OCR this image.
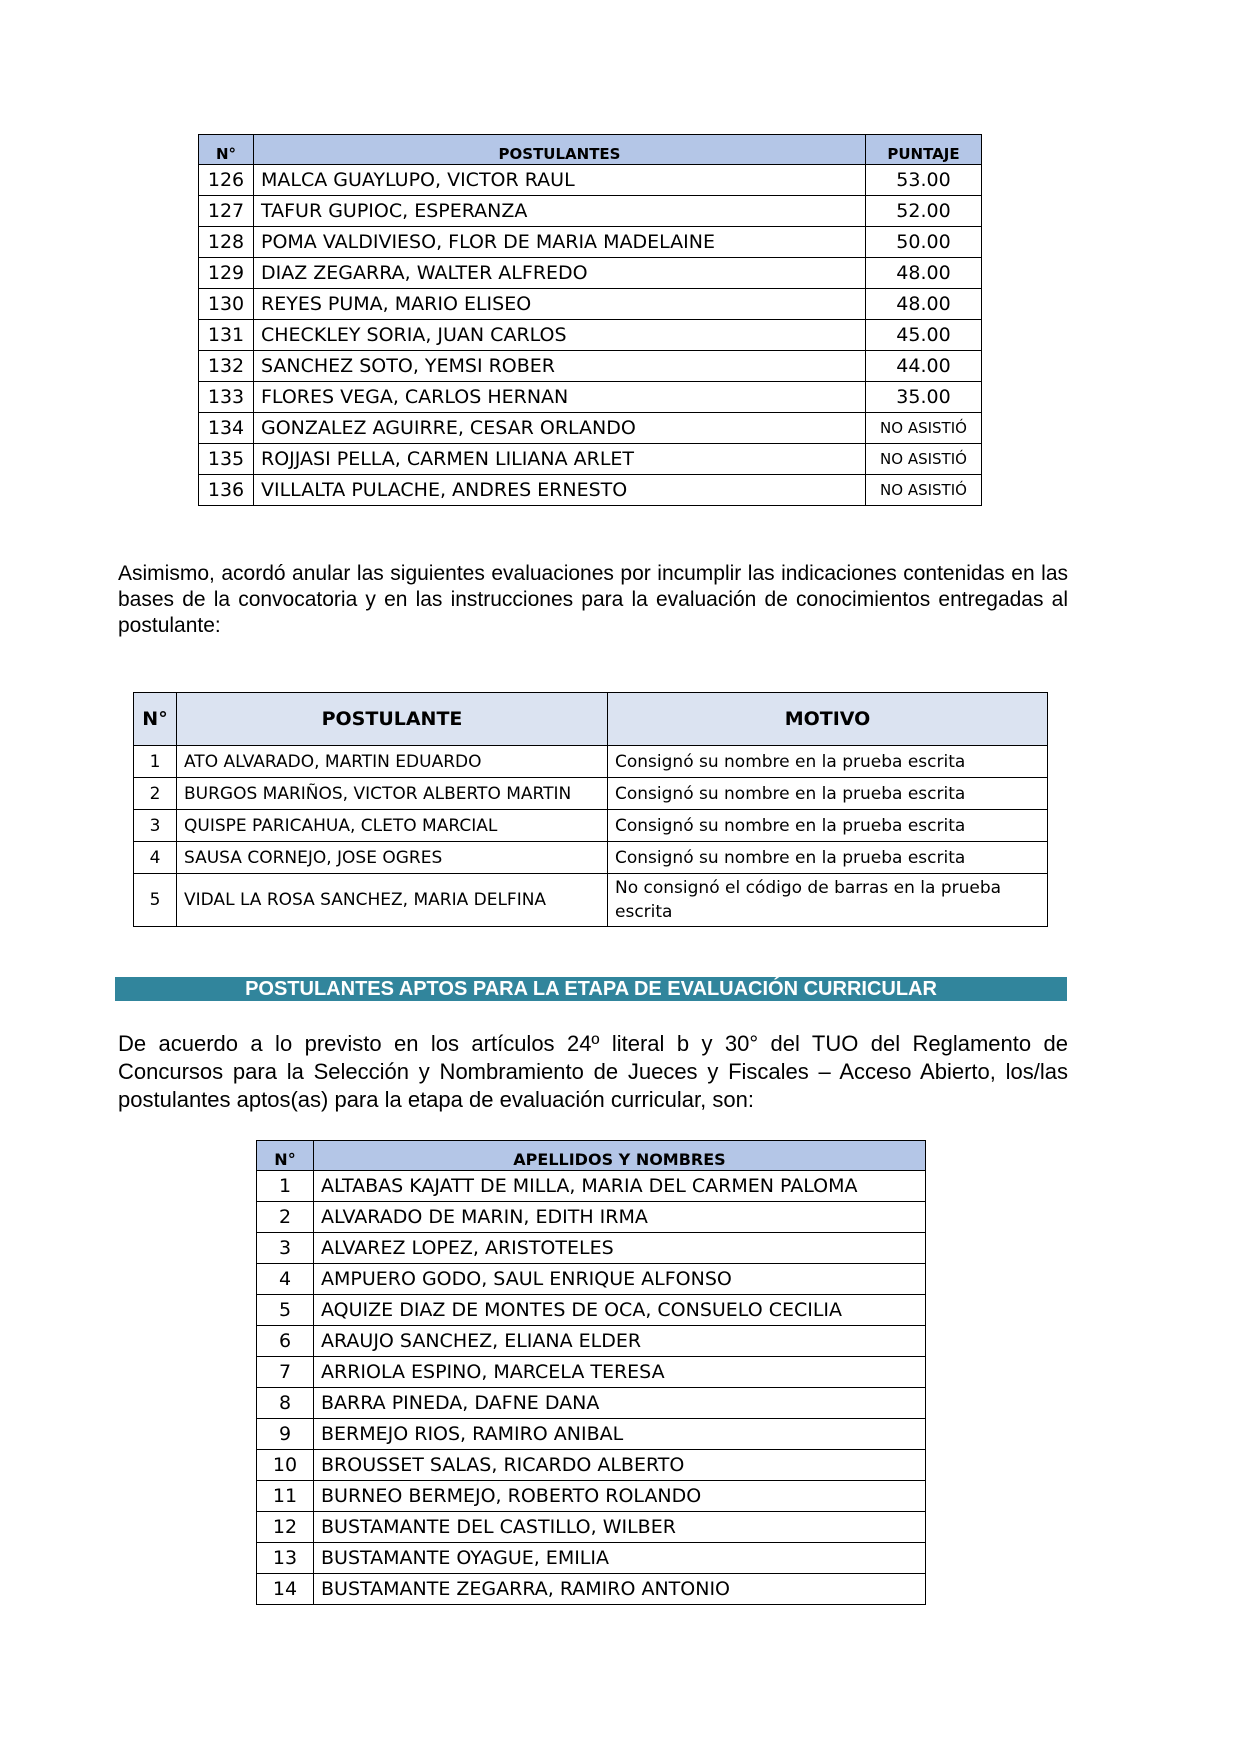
N°	POSTULANTES	PUNTAJE
126	MALCA GUAYLUPO, VICTOR RAUL	53.00
127	TAFUR GUPIOC, ESPERANZA	52.00
128	POMA VALDIVIESO, FLOR DE MARIA MADELAINE	50.00
129	DIAZ ZEGARRA, WALTER ALFREDO	48.00
130	REYES PUMA, MARIO ELISEO	48.00
131	CHECKLEY SORIA, JUAN CARLOS	45.00
132	SANCHEZ SOTO, YEMSI ROBER	44.00
133	FLORES VEGA, CARLOS HERNAN	35.00
134	GONZALEZ AGUIRRE, CESAR ORLANDO	NO ASISTIÓ
135	ROJJASI PELLA, CARMEN LILIANA ARLET	NO ASISTIÓ
136	VILLALTA PULACHE, ANDRES ERNESTO	NO ASISTIÓ
Asimismo, acordó anular las siguientes evaluaciones por incumplir las indicaciones contenidas en las bases de la convocatoria y en las instrucciones para la evaluación de conocimientos entregadas al postulante:
N°	POSTULANTE	MOTIVO
1	ATO ALVARADO, MARTIN EDUARDO	Consignó su nombre en la prueba escrita
2	BURGOS MARIÑOS, VICTOR ALBERTO MARTIN	Consignó su nombre en la prueba escrita
3	QUISPE PARICAHUA, CLETO MARCIAL	Consignó su nombre en la prueba escrita
4	SAUSA CORNEJO, JOSE OGRES	Consignó su nombre en la prueba escrita
5	VIDAL LA ROSA SANCHEZ, MARIA DELFINA	No consignó el código de barras en la prueba escrita
POSTULANTES APTOS PARA LA ETAPA DE EVALUACIÓN CURRICULAR
De acuerdo a lo previsto en los artículos 24º literal b y 30° del TUO del Reglamento de Concursos para la Selección y Nombramiento de Jueces y Fiscales – Acceso Abierto, los/las postulantes aptos(as) para la etapa de evaluación curricular, son:
N°	APELLIDOS Y NOMBRES
1	ALTABAS KAJATT DE MILLA, MARIA DEL CARMEN PALOMA
2	ALVARADO DE MARIN, EDITH IRMA
3	ALVAREZ LOPEZ, ARISTOTELES
4	AMPUERO GODO, SAUL ENRIQUE ALFONSO
5	AQUIZE DIAZ DE MONTES DE OCA, CONSUELO CECILIA
6	ARAUJO SANCHEZ, ELIANA ELDER
7	ARRIOLA ESPINO, MARCELA TERESA
8	BARRA PINEDA, DAFNE DANA
9	BERMEJO RIOS, RAMIRO ANIBAL
10	BROUSSET SALAS, RICARDO ALBERTO
11	BURNEO BERMEJO, ROBERTO ROLANDO
12	BUSTAMANTE DEL CASTILLO, WILBER
13	BUSTAMANTE OYAGUE, EMILIA
14	BUSTAMANTE ZEGARRA, RAMIRO ANTONIO
